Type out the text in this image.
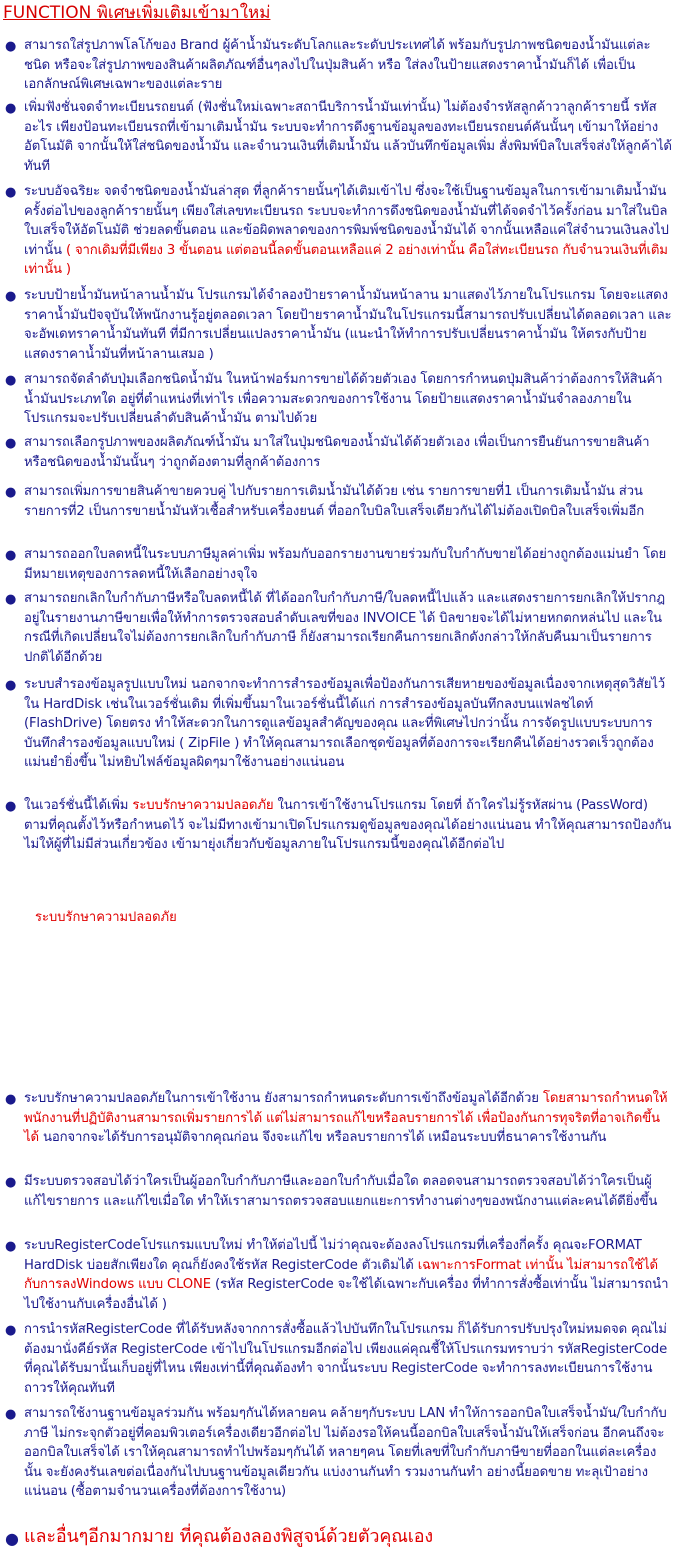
FUNCTION พิเศษเพิ่มเติมเข้ามาใหม่
● สามารถใส่รูปภาพโลโก้ของ Brand ผู้ค้าน้ำมันระดับโลกและระดับประเทศได้ พร้อมกับรูปภาพชนิดของน้ำมันแต่ละชนิด หรือจะใส่รูปภาพของสินค้าผลิตภัณฑ์อื่นๆลงไปในปุ่มสินค้า หรือ ใส่ลงในป้ายแสดงราคาน้ำมันก็ได้ เพื่อเป็นเอกลักษณ์พิเศษเฉพาะของแต่ละราย
● เพิ่มฟังชั่นจดจำทะเบียนรถยนต์ (ฟังชั่นใหม่เฉพาะสถานีบริการน้ำมันเท่านั้น) ไม่ต้องจำรหัสลูกค้าวาลูกค้ารายนี้ รหัสอะไร เพียงป้อนทะเบียนรถที่เข้ามาเติมน้ำมัน ระบบจะทำการดึงฐานข้อมูลของทะเบียนรถยนต์คันนั้นๆ เข้ามาให้อย่างอัตโนมัติ จากนั้นให้ใส่ชนิดของน้ำมัน และจำนวนเงินที่เติมน้ำมัน แล้วบันทึกข้อมูลเพิ่ม สั่งพิมพ์บิลใบเสร็จส่งให้ลูกค้าได้ทันที
● ระบบอัจฉริยะ จดจำชนิดของน้ำมันล่าสุด ที่ลูกค้ารายนั้นๆได้เติมเข้าไป ซึ่งจะใช้เป็นฐานข้อมูลในการเข้ามาเติมน้ำมันครั้งต่อไปของลูกค้ารายนั้นๆ เพียงใส่เลขทะเบียนรถ ระบบจะทำการดึงชนิดของน้ำมันที่ได้จดจำไว้ครั้งก่อน มาใส่ในบิลใบเสร็จให้อัตโนมัติ ช่วยลดขั้นตอน และข้อผิดพลาดของการพิมพ์ชนิดของน้ำมันได้ จากนั้นเหลือแค่ใส่จำนวนเงินลงไปเท่านั้น ( จากเดิมที่มีเพียง 3 ขั้นตอน แต่ตอนนี้ลดขั้นตอนเหลือแค่ 2 อย่างเท่านั้น คือใส่ทะเบียนรถ กับจำนวนเงินที่เติมเท่านั้น )
● ระบบป้ายน้ำมันหน้าลานน้ำมัน โปรแกรมได้จำลองป้ายราคาน้ำมันหน้าลาน มาแสดงไว้ภายในโปรแกรม โดยจะแสดงราคาน้ำมันปัจจุบันให้พนักงานรู้อยู่ตลอดเวลา โดยป้ายราคาน้ำมันในโปรแกรมนี้สามารถปรับเปลี่ยนได้ตลอดเวลา และจะอัพเดทราคาน้ำมันทันที ที่มีการเปลี่ยนแปลงราคาน้ำมัน (แนะนำให้ทำการปรับเปลี่ยนราคาน้ำมัน ให้ตรงกับป้ายแสดงราคาน้ำมันที่หน้าลานเสมอ )
● สามารถจัดลำดับปุ่มเลือกชนิดน้ำมัน ในหน้าฟอร์มการขายได้ด้วยตัวเอง โดยการกำหนดปุ่มสินค้าว่าต้องการให้สินค้าน้ำมันประเภทใด อยู่ที่ตำแหน่งที่เท่าไร เพื่อความสะดวกของการใช้งาน โดยป้ายแสดงราคาน้ำมันจำลองภายในโปรแกรมจะปรับเปลี่ยนลำดับสินค้าน้ำมัน ตามไปด้วย
● สามารถเลือกรูปภาพของผลิตภัณฑ์น้ำมัน มาใส่ในปุ่มชนิดของน้ำมันได้ด้วยตัวเอง เพื่อเป็นการยืนยันการขายสินค้าหรือชนิดของน้ำมันนั้นๆ ว่าถูกต้องตามที่ลูกค้าต้องการ
● สามารถเพิ่มการขายสินค้าขายควบคู่ ไปกับรายการเติมน้ำมันได้ด้วย เช่น รายการขายที่1 เป็นการเติมน้ำมัน ส่วนรายการที่2 เป็นการขายน้ำมันหัวเชื้อสำหรับเครื่องยนต์ ที่ออกใบบิลใบเสร็จเดียวกันได้ไม่ต้องเปิดบิลใบเสร็จเพิ่มอีก
● สามารถออกใบลดหนี้ในระบบภาษีมูลค่าเพิ่ม พร้อมกับออกรายงานขายร่วมกับใบกำกับขายได้อย่างถูกต้องแม่นยำ โดยมีหมายเหตุของการลดหนี้ให้เลือกอย่างจุใจ
● สามารถยกเลิกใบกำกับภาษีหรือใบลดหนี้ได้ ที่ได้ออกใบกำกับภาษี/ใบลดหนี้ไปแล้ว และแสดงรายการยกเลิกให้ปรากฎอยู่ในรายงานภาษีขายเพื่อให้ทำการตรวจสอบลำดับเลขที่ของ INVOICE ได้ บิลขายจะได้ไม่หายหกตกหล่นไป และในกรณีที่เกิดเปลี่ยนใจไม่ต้องการยกเลิกใบกำกับภาษี ก็ยังสามารถเรียกคืนการยกเลิกดังกล่าวให้กลับคืนมาเป็นรายการปกติได้อีกด้วย
● ระบบสำรองข้อมูลรูปแบบใหม่ นอกจากจะทำการสำรองข้อมูลเพื่อป้องกันการเสียหายของข้อมูลเนื่องจากเหตุสุดวิสัยไว้ใน HardDisk เช่นในเวอร์ชั่นเดิม ที่เพิ่มขึ้นมาในเวอร์ชั่นนี้ได้แก่ การสำรองข้อมูลบันทึกลงบนแฟลชไดท์ (FlashDrive) โดยตรง ทำให้สะดวกในการดูแลข้อมูลสำคัญของคุณ และที่พิเศษไปกว่านั้น การจัดรูปแบบระบบการบันทึกสำรองข้อมูลแบบใหม่ ( ZipFile ) ทำให้คุณสามารถเลือกชุดข้อมูลที่ต้องการจะเรียกคืนได้อย่างรวดเร็วถูกต้องแม่นยำยิ่งขึ้น ไม่หยิบไฟล์ข้อมูลผิดๆมาใช้งานอย่างแน่นอน
● ในเวอร์ชั่นนี้ได้เพิ่ม ระบบรักษาความปลอดภัย ในการเข้าใช้งานโปรแกรม โดยที่ ถ้าใครไม่รู้รหัสผ่าน (PassWord) ตามที่คุณตั้งไว้หรือกำหนดไว้ จะไม่มีทางเข้ามาเปิดโปรแกรมดูข้อมูลของคุณได้อย่างแน่นอน ทำให้คุณสามารถป้องกันไม่ให้ผู้ที่ไม่มีส่วนเกี่ยวข้อง เข้ามายุ่งเกี่ยวกับข้อมูลภายในโปรแกรมนี้ของคุณได้อีกต่อไป
ระบบรักษาความปลอดภัย
● ระบบรักษาความปลอดภัยในการเข้าใช้งาน ยังสามารถกำหนดระดับการเข้าถึงข้อมูลได้อีกด้วย โดยสามารถกำหนดให้พนักงานที่ปฏิบัติงานสามารถเพิ่มรายการได้ แต่ไม่สามารถแก้ไขหรือลบรายการได้ เพื่อป้องกันการทุจริตที่อาจเกิดขึ้นได้ นอกจากจะได้รับการอนุมัติจากคุณก่อน จึงจะแก้ไข หรือลบรายการได้ เหมือนระบบที่ธนาคารใช้งานกัน
● มีระบบตรวจสอบได้ว่าใครเป็นผู้ออกใบกำกับภาษีและออกใบกำกับเมื่อใด ตลอดจนสามารถตรวจสอบได้ว่าใครเป็นผู้แก้ไขรายการ และแก้ไขเมื่อใด ทำให้เราสามารถตรวจสอบแยกแยะการทำงานต่างๆของพนักงานแต่ละคนได้ดียิ่งขึ้น
● ระบบRegisterCodeโปรแกรมแบบใหม่ ทำให้ต่อไปนี้ ไม่ว่าคุณจะต้องลงโปรแกรมที่เครื่องกี่ครั้ง คุณจะFORMAT HardDisk บ่อยสักเพียงใด คุณก็ยังคงใช้รหัส RegisterCode ตัวเดิมได้ เฉพาะการFormat เท่านั้น ไม่สามารถใช้ได้กับการลงWindows แบบ CLONE (รหัส RegisterCode จะใช้ได้เฉพาะกับเครื่อง ที่ทำการสั่งซื้อเท่านั้น ไม่สามารถนำไปใช้งานกับเครื่องอื่นได้ )
● การนำรหัสRegisterCode ที่ได้รับหลังจากการสั่งซื้อแล้วไปบันทึกในโปรแกรม ก็ได้รับการปรับปรุงใหม่หมดจด คุณไม่ต้องมานั่งคีย์รหัส RegisterCode เข้าไปในโปรแกรมอีกต่อไป เพียงแค่คุณชี้ให้โปรแกรมทราบว่า รหัสRegisterCode ที่คุณได้รับมานั้นเก็บอยู่ที่ไหน เพียงเท่านี้ที่คุณต้องทำ จากนั้นระบบ RegisterCode จะทำการลงทะเบียนการใช้งานถาวรให้คุณทันที
● สามารถใช้งานฐานข้อมูลร่วมกัน พร้อมๆกันได้หลายคน คล้ายๆกับระบบ LAN ทำให้การออกบิลใบเสร็จน้ำมัน/ใบกำกับภาษี ไม่กระจุกตัวอยู่ที่คอมพิวเตอร์เครื่องเดียวอีกต่อไป ไม่ต้องรอให้คนนี้ออกบิลใบเสร็จน้ำมันให้เสร็จก่อน อีกคนถึงจะออกบิลใบเสร็จได้ เราให้คุณสามารถทำไปพร้อมๆกันได้ หลายๆคน โดยที่เลขที่ใบกำกับภาษีขายที่ออกในแต่ละเครื่องนั้น จะยังคงรันเลขต่อเนื่องกันไปบนฐานข้อมูลเดียวกัน แบ่งงานกันทำ รวมงานกันทำ อย่างนี้ยอดขาย ทะลุเป้าอย่างแน่นอน (ซื้อตามจำนวนเครื่องที่ต้องการใช้งาน)
● และอื่นๆอีกมากมาย ที่คุณต้องลองพิสูจน์ด้วยตัวคุณเอง
